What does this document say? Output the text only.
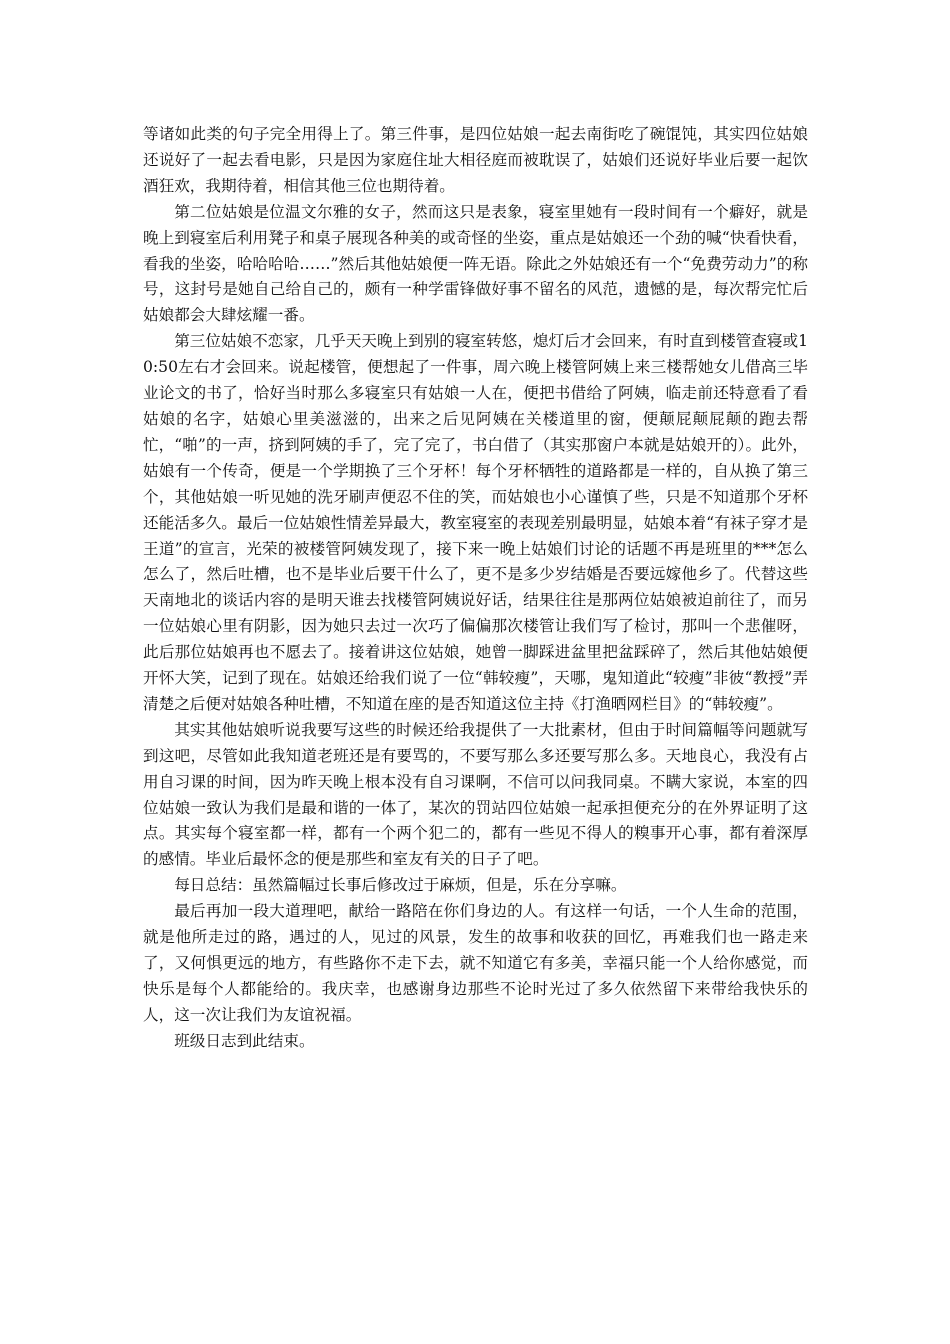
等诸如此类的句子完全用得上了。第三件事，是四位姑娘一起去南街吃了碗馄饨，其实四位姑娘还说好了一起去看电影，只是因为家庭住址大相径庭而被耽误了，姑娘们还说好毕业后要一起饮酒狂欢，我期待着，相信其他三位也期待着。

第二位姑娘是位温文尔雅的女子，然而这只是表象，寝室里她有一段时间有一个癖好，就是晚上到寝室后利用凳子和桌子展现各种美的或奇怪的坐姿，重点是姑娘还一个劲的喊“快看快看，看我的坐姿，哈哈哈哈……”然后其他姑娘便一阵无语。除此之外姑娘还有一个“免费劳动力”的称号，这封号是她自己给自己的，颇有一种学雷锋做好事不留名的风范，遗憾的是，每次帮完忙后姑娘都会大肆炫耀一番。

第三位姑娘不恋家，几乎天天晚上到别的寝室转悠，熄灯后才会回来，有时直到楼管查寝或10:50左右才会回来。说起楼管，便想起了一件事，周六晚上楼管阿姨上来三楼帮她女儿借高三毕业论文的书了，恰好当时那么多寝室只有姑娘一人在，便把书借给了阿姨，临走前还特意看了看姑娘的名字，姑娘心里美滋滋的，出来之后见阿姨在关楼道里的窗，便颠屁颠屁颠的跑去帮忙，“啪”的一声，挤到阿姨的手了，完了完了，书白借了（其实那窗户本就是姑娘开的）。此外，姑娘有一个传奇，便是一个学期换了三个牙杯！每个牙杯牺牲的道路都是一样的，自从换了第三个，其他姑娘一听见她的洗牙刷声便忍不住的笑，而姑娘也小心谨慎了些，只是不知道那个牙杯还能活多久。最后一位姑娘性情差异最大，教室寝室的表现差别最明显，姑娘本着“有袜子穿才是王道”的宣言，光荣的被楼管阿姨发现了，接下来一晚上姑娘们讨论的话题不再是班里的***怎么怎么了，然后吐槽，也不是毕业后要干什么了，更不是多少岁结婚是否要远嫁他乡了。代替这些天南地北的谈话内容的是明天谁去找楼管阿姨说好话，结果往往是那两位姑娘被迫前往了，而另一位姑娘心里有阴影，因为她只去过一次巧了偏偏那次楼管让我们写了检讨，那叫一个悲催呀，此后那位姑娘再也不愿去了。接着讲这位姑娘，她曾一脚踩进盆里把盆踩碎了，然后其他姑娘便开怀大笑，记到了现在。姑娘还给我们说了一位“韩较瘦”，天哪，鬼知道此“较瘦”非彼“教授”弄清楚之后便对姑娘各种吐槽，不知道在座的是否知道这位主持《打渔晒网栏目》的“韩较瘦”。

其实其他姑娘听说我要写这些的时候还给我提供了一大批素材，但由于时间篇幅等问题就写到这吧，尽管如此我知道老班还是有要骂的，不要写那么多还要写那么多。天地良心，我没有占用自习课的时间，因为昨天晚上根本没有自习课啊，不信可以问我同桌。不瞒大家说，本室的四位姑娘一致认为我们是最和谐的一体了，某次的罚站四位姑娘一起承担便充分的在外界证明了这点。其实每个寝室都一样，都有一个两个犯二的，都有一些见不得人的糗事开心事，都有着深厚的感情。毕业后最怀念的便是那些和室友有关的日子了吧。

每日总结：虽然篇幅过长事后修改过于麻烦，但是，乐在分享嘛。

最后再加一段大道理吧，献给一路陪在你们身边的人。有这样一句话，一个人生命的范围，就是他所走过的路，遇过的人，见过的风景，发生的故事和收获的回忆，再难我们也一路走来了，又何惧更远的地方，有些路你不走下去，就不知道它有多美，幸福只能一个人给你感觉，而快乐是每个人都能给的。我庆幸，也感谢身边那些不论时光过了多久依然留下来带给我快乐的人，这一次让我们为友谊祝福。

班级日志到此结束。
